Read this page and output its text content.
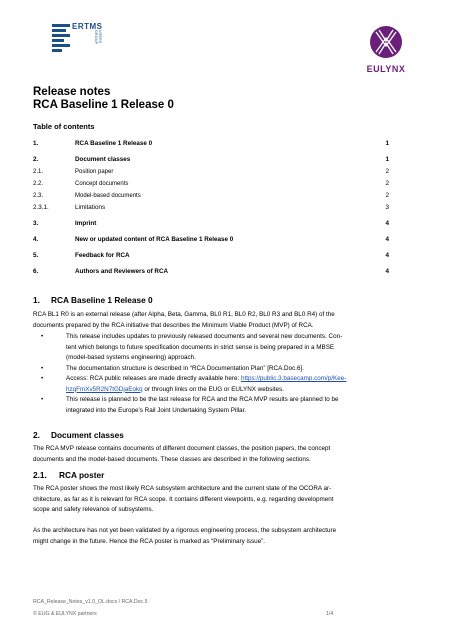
ERTMS
USERS GROUP
EULYNX
Release notes
RCA Baseline 1 Release 0
Table of contents
1.	RCA Baseline 1 Release 0	1
2.	Document classes	1
2.1.	Position paper	2
2.2.	Concept documents	2
2.3.	Model-based documents	2
2.3.1.	Limitations	3
3.	Imprint	4
4.	New or updated content of RCA Baseline 1 Release 0	4
5.	Feedback for RCA	4
6.	Authors and Reviewers of RCA	4
1. RCA Baseline 1 Release 0
RCA BL1 R0 is an external release (after Alpha, Beta, Gamma, BL0 R1, BL0 R2, BL0 R3 and BL0 R4) of the
documents prepared by the RCA initiative that describes the Minimum Viable Product (MVP) of RCA.
• This release includes updates to previously released documents and several new documents. Con-
tent which belongs to future specification documents in strict sense is being prepared in a MBSE
(model-based systems engineering) approach.
• The documentation structure is described in “RCA Documentation Plan” [RCA.Doc.6].
• Access: RCA public releases are made directly available here: https://public.3.basecamp.com/p/Kee-
hzqFmXv5R2N7tGDjaEokq or through links on the EUG or EULYNX websites.
• This release is planned to be the last release for RCA and the RCA MVP results are planned to be
integrated into the Europe’s Rail Joint Undertaking System Pillar.
2. Document classes
The RCA MVP release contains documents of different document classes, the position papers, the concept
documents and the model-based documents. These classes are described in the following sections.
2.1. RCA poster
The RCA poster shows the most likely RCA subsystem architecture and the current state of the OCORA ar-
chitecture, as far as it is relevant for RCA scope. It contains different viewpoints, e.g. regarding development
scope and safety relevance of subsystems.
As the architecture has not yet been validated by a rigorous engineering process, the subsystem architecture
might change in the future. Hence the RCA poster is marked as “Preliminary issue”.
RCA_Release_Notes_v1.0_OL.docx / RCA.Doc.5
© EUG & EULYNX partners	1/4
